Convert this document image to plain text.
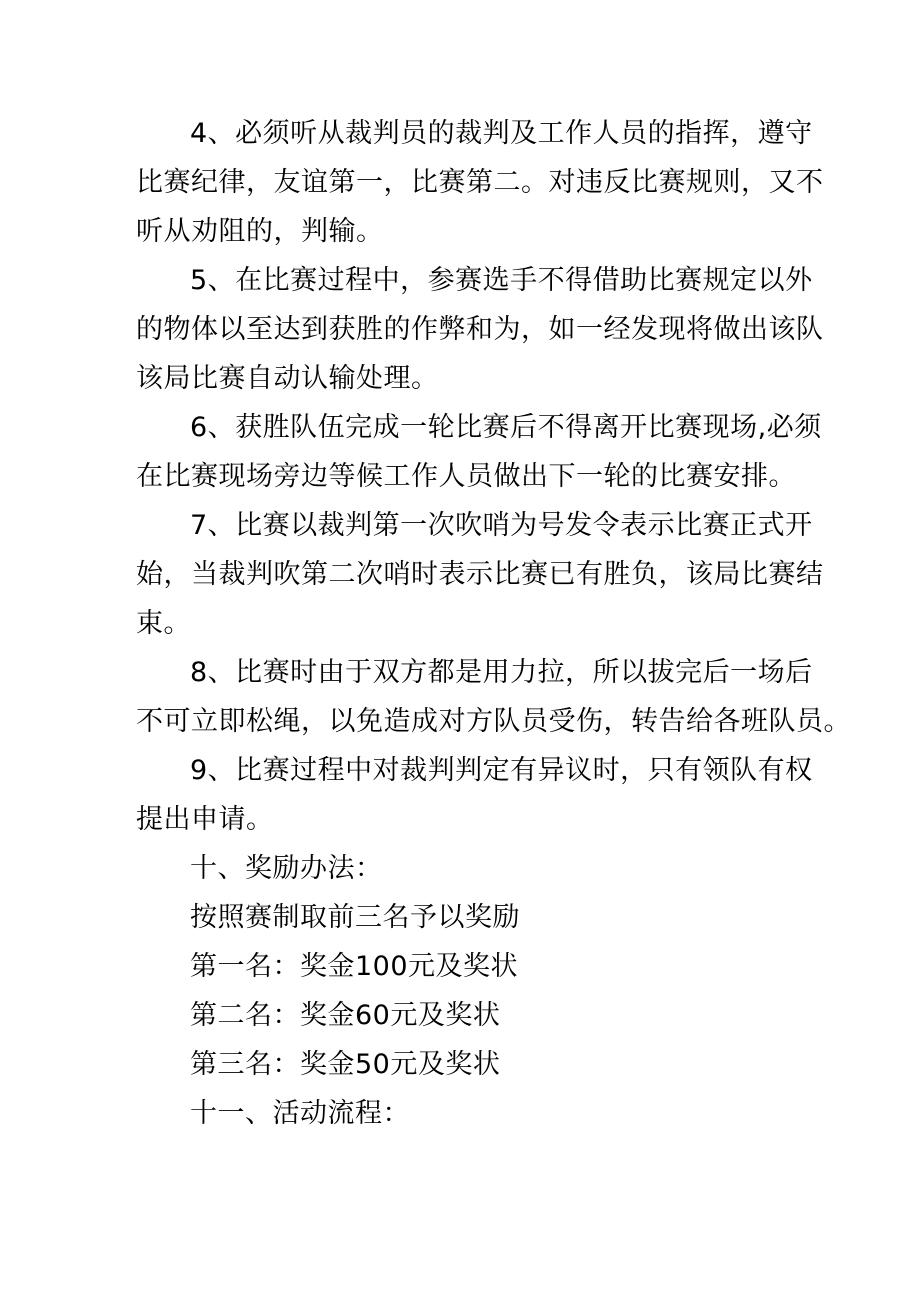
4、必须听从裁判员的裁判及工作人员的指挥，遵守
比赛纪律，友谊第一，比赛第二。对违反比赛规则，又不
听从劝阻的，判输。
5、在比赛过程中，参赛选手不得借助比赛规定以外
的物体以至达到获胜的作弊和为，如一经发现将做出该队
该局比赛自动认输处理。
6、获胜队伍完成一轮比赛后不得离开比赛现场,必须
在比赛现场旁边等候工作人员做出下一轮的比赛安排。
7、比赛以裁判第一次吹哨为号发令表示比赛正式开
始，当裁判吹第二次哨时表示比赛已有胜负，该局比赛结
束。
8、比赛时由于双方都是用力拉，所以拔完后一场后
不可立即松绳，以免造成对方队员受伤，转告给各班队员。
9、比赛过程中对裁判判定有异议时，只有领队有权
提出申请。
十、奖励办法：
按照赛制取前三名予以奖励
第一名：奖金100元及奖状
第二名：奖金60元及奖状
第三名：奖金50元及奖状
十一、活动流程：
